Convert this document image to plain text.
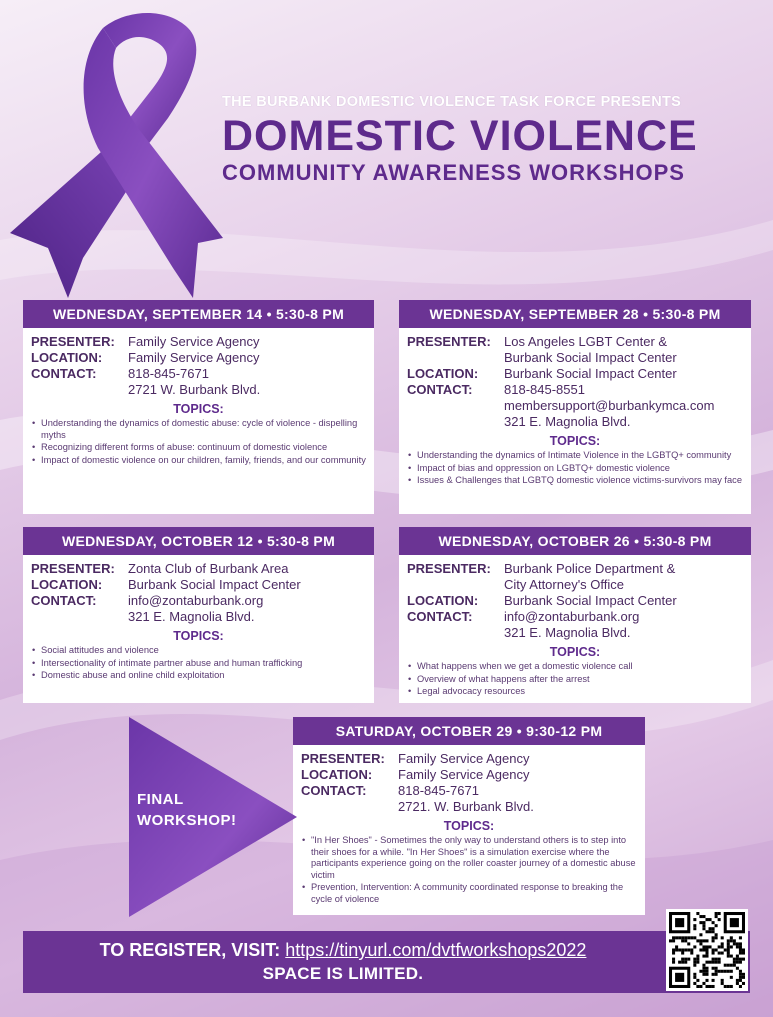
THE BURBANK DOMESTIC VIOLENCE TASK FORCE PRESENTS
DOMESTIC VIOLENCE
COMMUNITY AWARENESS WORKSHOPS
WEDNESDAY, SEPTEMBER 14 • 5:30-8 PM
PRESENTER:	Family Service Agency
LOCATION:	Family Service Agency
CONTACT:	818-845-7671
2721 W. Burbank Blvd.
TOPICS:
• Understanding the dynamics of domestic abuse: cycle of violence - dispelling myths
• Recognizing different forms of abuse: continuum of domestic violence
• Impact of domestic violence on our children, family, friends, and our community
WEDNESDAY, SEPTEMBER 28 • 5:30-8 PM
PRESENTER:	Los Angeles LGBT Center &
Burbank Social Impact Center
LOCATION:	Burbank Social Impact Center
CONTACT:	818-845-8551
membersupport@burbankymca.com
321 E. Magnolia Blvd.
TOPICS:
• Understanding the dynamics of Intimate Violence in the LGBTQ+ community
• Impact of bias and oppression on LGBTQ+ domestic violence
• Issues & Challenges that LGBTQ domestic violence victims-survivors may face
WEDNESDAY, OCTOBER 12 • 5:30-8 PM
PRESENTER:	Zonta Club of Burbank Area
LOCATION:	Burbank Social Impact Center
CONTACT:	info@zontaburbank.org
321 E. Magnolia Blvd.
TOPICS:
• Social attitudes and violence
• Intersectionality of intimate partner abuse and human trafficking
• Domestic abuse and online child exploitation
WEDNESDAY, OCTOBER 26 • 5:30-8 PM
PRESENTER:	Burbank Police Department &
City Attorney's Office
LOCATION:	Burbank Social Impact Center
CONTACT:	info@zontaburbank.org
321 E. Magnolia Blvd.
TOPICS:
• What happens when we get a domestic violence call
• Overview of what happens after the arrest
• Legal advocacy resources
SATURDAY, OCTOBER 29 • 9:30-12 PM
PRESENTER:	Family Service Agency
LOCATION:	Family Service Agency
CONTACT:	818-845-7671
2721. W. Burbank Blvd.
TOPICS:
• "In Her Shoes" - Sometimes the only way to understand others is to step into their shoes for a while. "In Her Shoes" is a simulation exercise where the participants experience going on the roller coaster journey of a domestic abuse victim
• Prevention, Intervention: A community coordinated response to breaking the cycle of violence
FINAL
WORKSHOP!
TO REGISTER, VISIT: https://tinyurl.com/dvtfworkshops2022
SPACE IS LIMITED.
